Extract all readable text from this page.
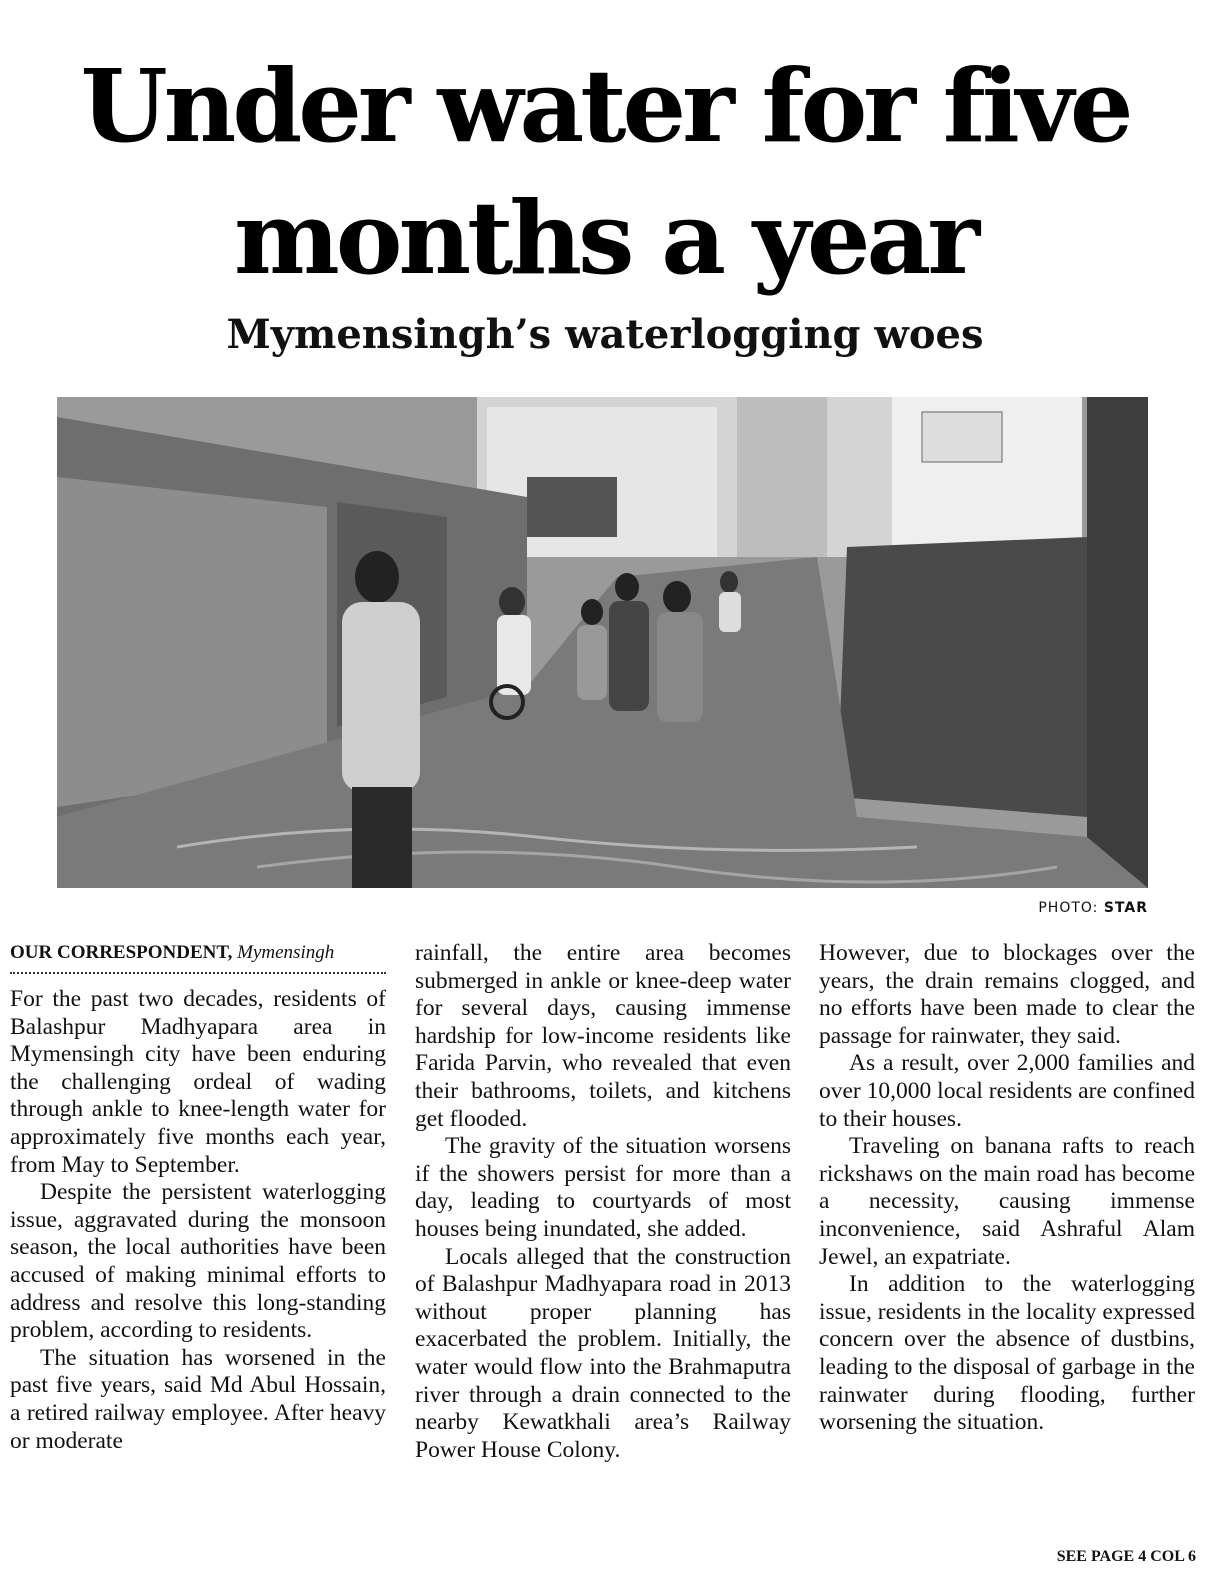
Under water for five
months a year
Mymensingh’s waterlogging woes
PHOTO: STAR
OUR CORRESPONDENT, Mymensingh

For the past two decades, residents of Balashpur Madhyapara area in Mymensingh city have been enduring the challenging ordeal of wading through ankle to knee-length water for approximately five months each year, from May to September.

Despite the persistent waterlogging issue, aggravated during the monsoon season, the local authorities have been accused of making minimal efforts to address and resolve this long-standing problem, according to residents.

The situation has worsened in the past five years, said Md Abul Hossain, a retired railway employee. After heavy or moderate

rainfall, the entire area becomes submerged in ankle or knee-deep water for several days, causing immense hardship for low-income residents like Farida Parvin, who revealed that even their bathrooms, toilets, and kitchens get flooded.

The gravity of the situation worsens if the showers persist for more than a day, leading to courtyards of most houses being inundated, she added.

Locals alleged that the construction of Balashpur Madhyapara road in 2013 without proper planning has exacerbated the problem. Initially, the water would flow into the Brahmaputra river through a drain connected to the nearby Kewatkhali area’s Railway Power House Colony.

However, due to blockages over the years, the drain remains clogged, and no efforts have been made to clear the passage for rainwater, they said.

As a result, over 2,000 families and over 10,000 local residents are confined to their houses.

Traveling on banana rafts to reach rickshaws on the main road has become a necessity, causing immense inconvenience, said Ashraful Alam Jewel, an expatriate.

In addition to the waterlogging issue, residents in the locality expressed concern over the absence of dustbins, leading to the disposal of garbage in the rainwater during flooding, further worsening the situation.

SEE PAGE 4 COL 6
